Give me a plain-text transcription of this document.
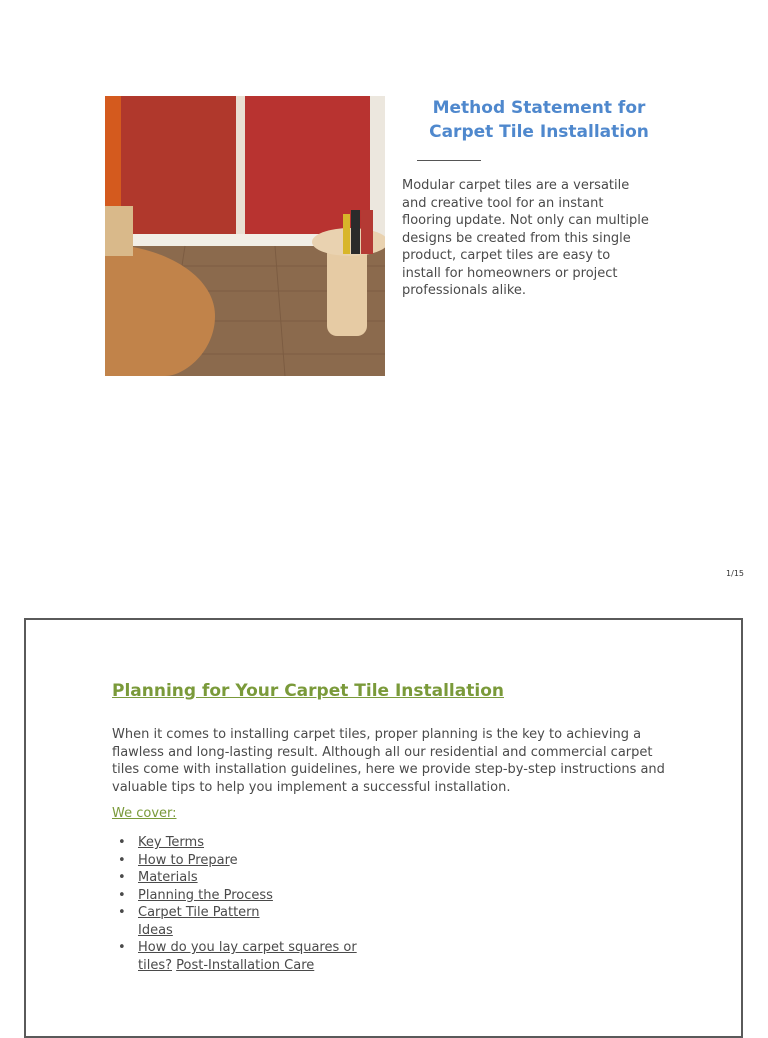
Method Statement for
Carpet Tile Installation
Modular carpet tiles are a versatile and creative tool for an instant flooring update. Not only can multiple designs be created from this single product, carpet tiles are easy to install for homeowners or project professionals alike.
1/15
Planning for Your Carpet Tile Installation
When it comes to installing carpet tiles, proper planning is the key to achieving a flawless and long-lasting result. Although all our residential and commercial carpet tiles come with installation guidelines, here we provide step-by-step instructions and valuable tips to help you implement a successful installation.
We cover:
• Key Terms
• How to Prepare
• Materials
• Planning the Process
• Carpet Tile Pattern Ideas
• How do you lay carpet squares or tiles? Post-Installation Care
